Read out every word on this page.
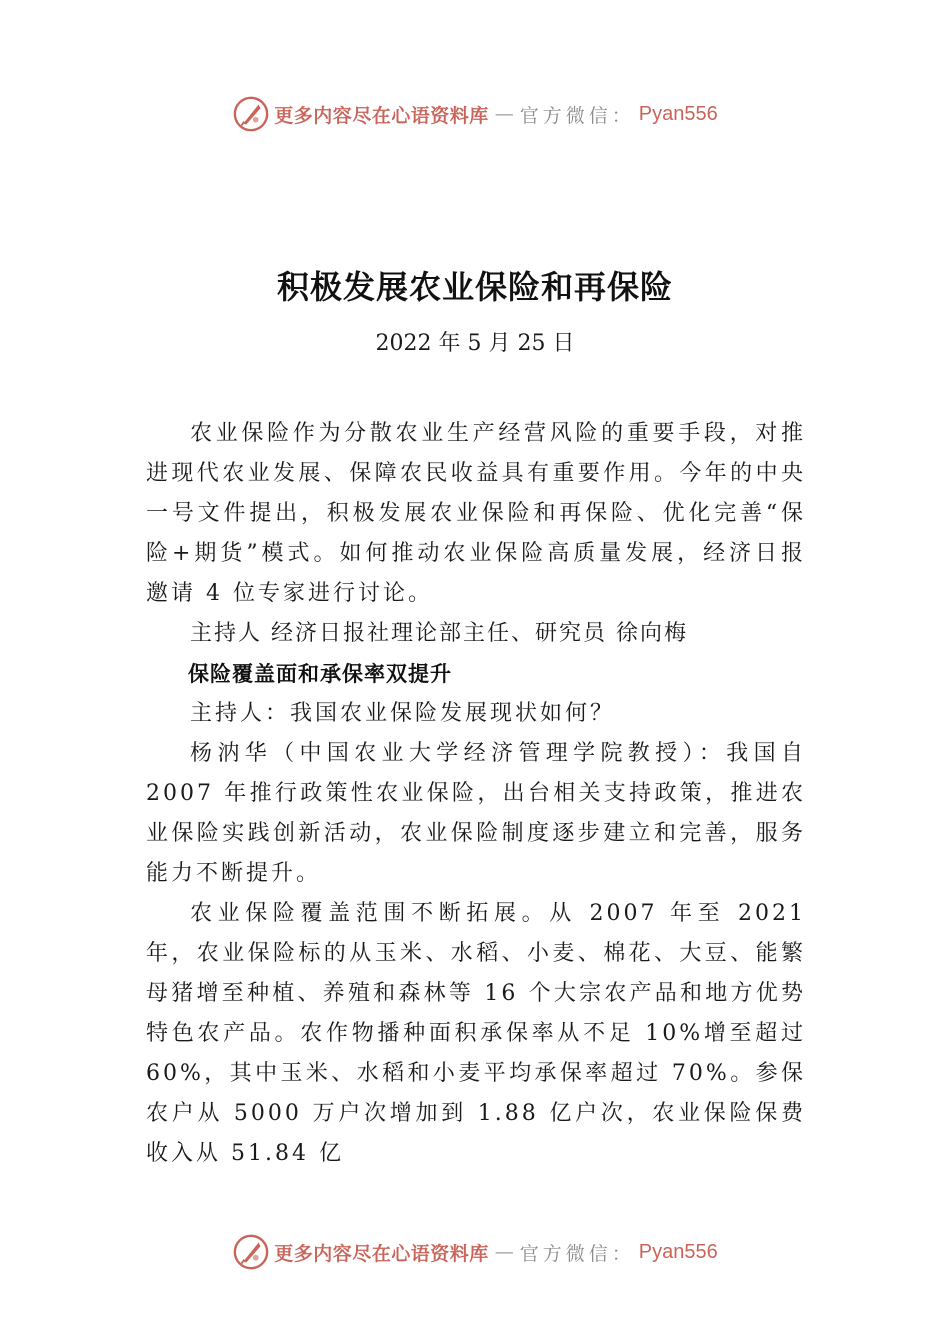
更多内容尽在心语资料库 — 官方微信： Pyan556
积极发展农业保险和再保险
2022 年 5 月 25 日

农业保险作为分散农业生产经营风险的重要手段，对推进现代农业发展、保障农民收益具有重要作用。今年的中央一号文件提出，积极发展农业保险和再保险、优化完善“保险+期货”模式。如何推动农业保险高质量发展，经济日报邀请 4 位专家进行讨论。

主持人 经济日报社理论部主任、研究员 徐向梅

保险覆盖面和承保率双提升

主持人：我国农业保险发展现状如何？

杨汭华（中国农业大学经济管理学院教授）：我国自 2007 年推行政策性农业保险，出台相关支持政策，推进农业保险实践创新活动，农业保险制度逐步建立和完善，服务能力不断提升。

农业保险覆盖范围不断拓展。从 2007 年至 2021 年，农业保险标的从玉米、水稻、小麦、棉花、大豆、能繁母猪增至种植、养殖和森林等 16 个大宗农产品和地方优势特色农产品。农作物播种面积承保率从不足 10%增至超过 60%，其中玉米、水稻和小麦平均承保率超过 70%。参保农户从 5000 万户次增加到 1.88 亿户次，农业保险保费收入从 51.84 亿

更多内容尽在心语资料库 — 官方微信： Pyan556
